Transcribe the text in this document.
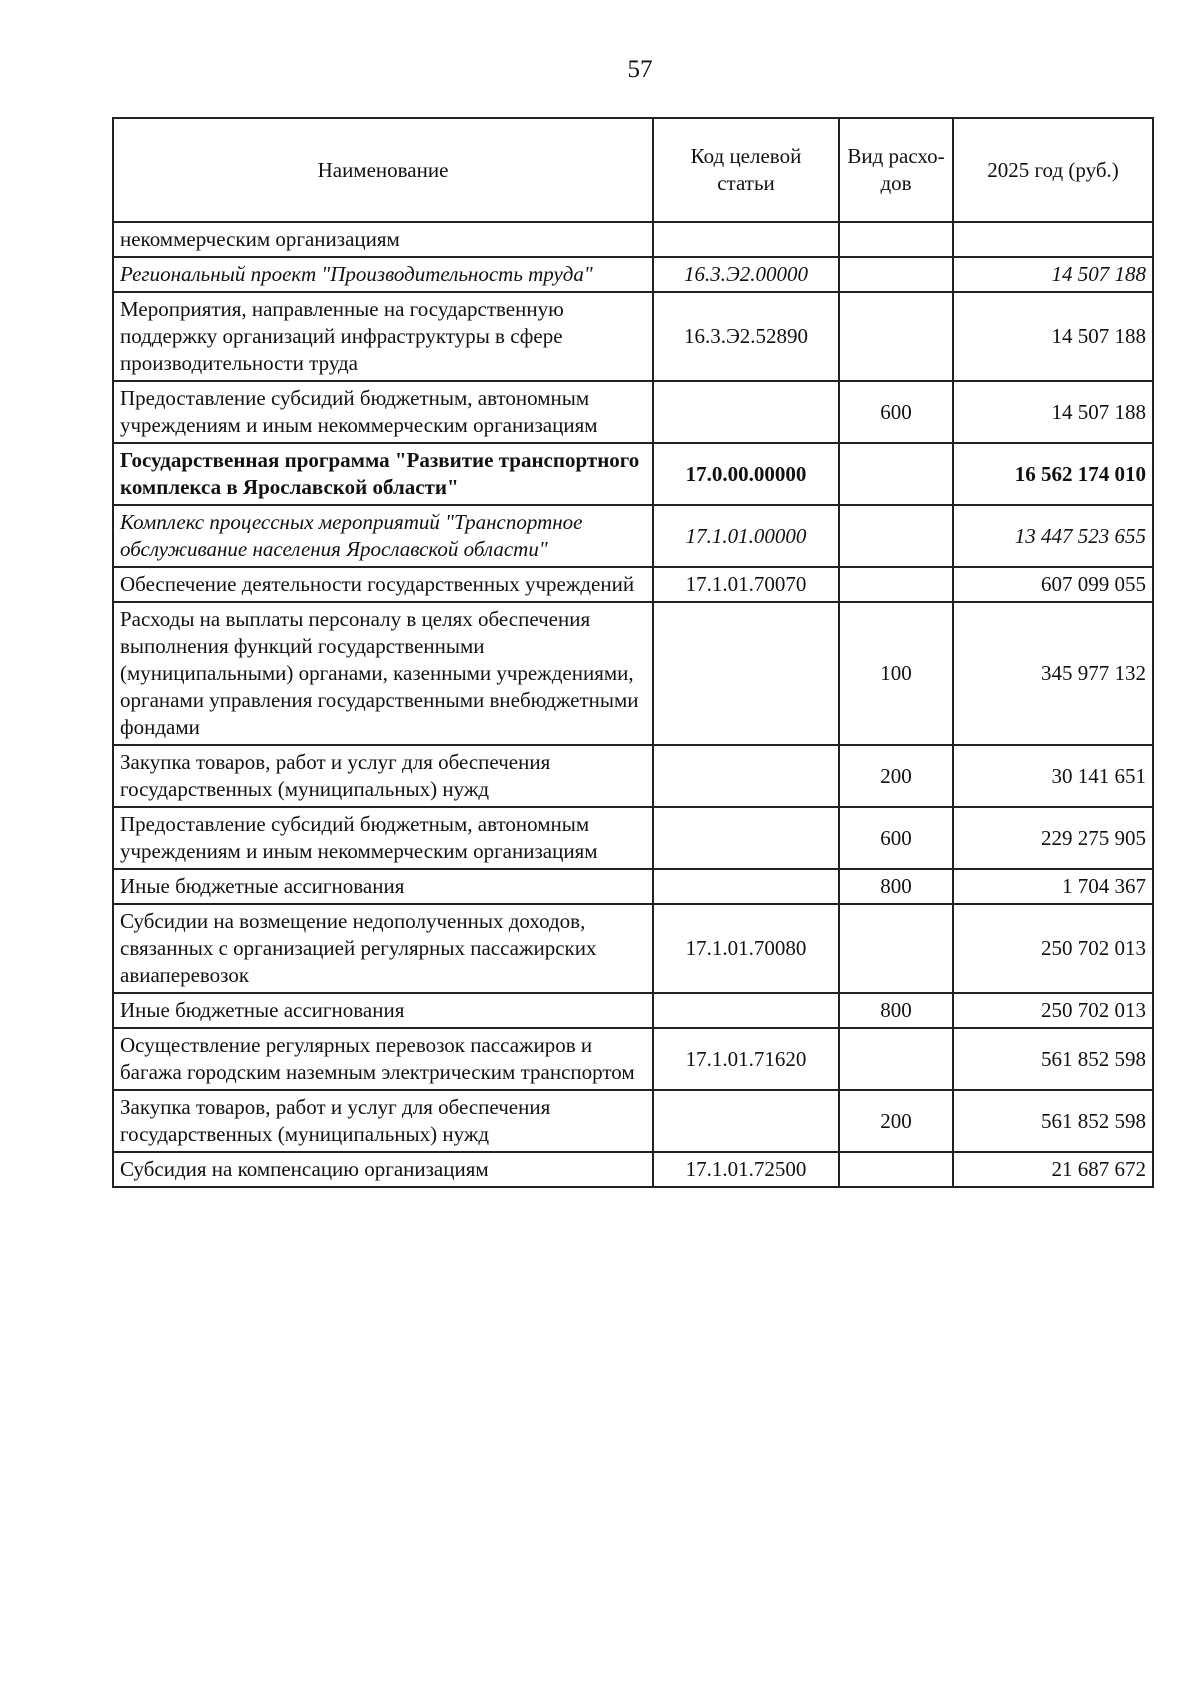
57
Наименование	Код целевой статьи	Вид расхо-дов	2025 год (руб.)
некоммерческим организациям			
Региональный проект "Производительность труда"	16.3.Э2.00000		14 507 188
Мероприятия, направленные на государственную поддержку организаций инфраструктуры в сфере производительности труда	16.3.Э2.52890		14 507 188
Предоставление субсидий бюджетным, автономным учреждениям и иным некоммерческим организациям		600	14 507 188
Государственная программа "Развитие транспортного комплекса в Ярославской области"	17.0.00.00000		16 562 174 010
Комплекс процессных мероприятий "Транспортное обслуживание населения Ярославской области"	17.1.01.00000		13 447 523 655
Обеспечение деятельности государственных учреждений	17.1.01.70070		607 099 055
Расходы на выплаты персоналу в целях обеспечения выполнения функций государственными (муниципальными) органами, казенными учреждениями, органами управления государственными внебюджетными фондами		100	345 977 132
Закупка товаров, работ и услуг для обеспечения государственных (муниципальных) нужд		200	30 141 651
Предоставление субсидий бюджетным, автономным учреждениям и иным некоммерческим организациям		600	229 275 905
Иные бюджетные ассигнования		800	1 704 367
Субсидии на возмещение недополученных доходов, связанных с организацией регулярных пассажирских авиаперевозок	17.1.01.70080		250 702 013
Иные бюджетные ассигнования		800	250 702 013
Осуществление регулярных перевозок пассажиров и багажа городским наземным электрическим транспортом	17.1.01.71620		561 852 598
Закупка товаров, работ и услуг для обеспечения государственных (муниципальных) нужд		200	561 852 598
Субсидия на компенсацию организациям	17.1.01.72500		21 687 672
